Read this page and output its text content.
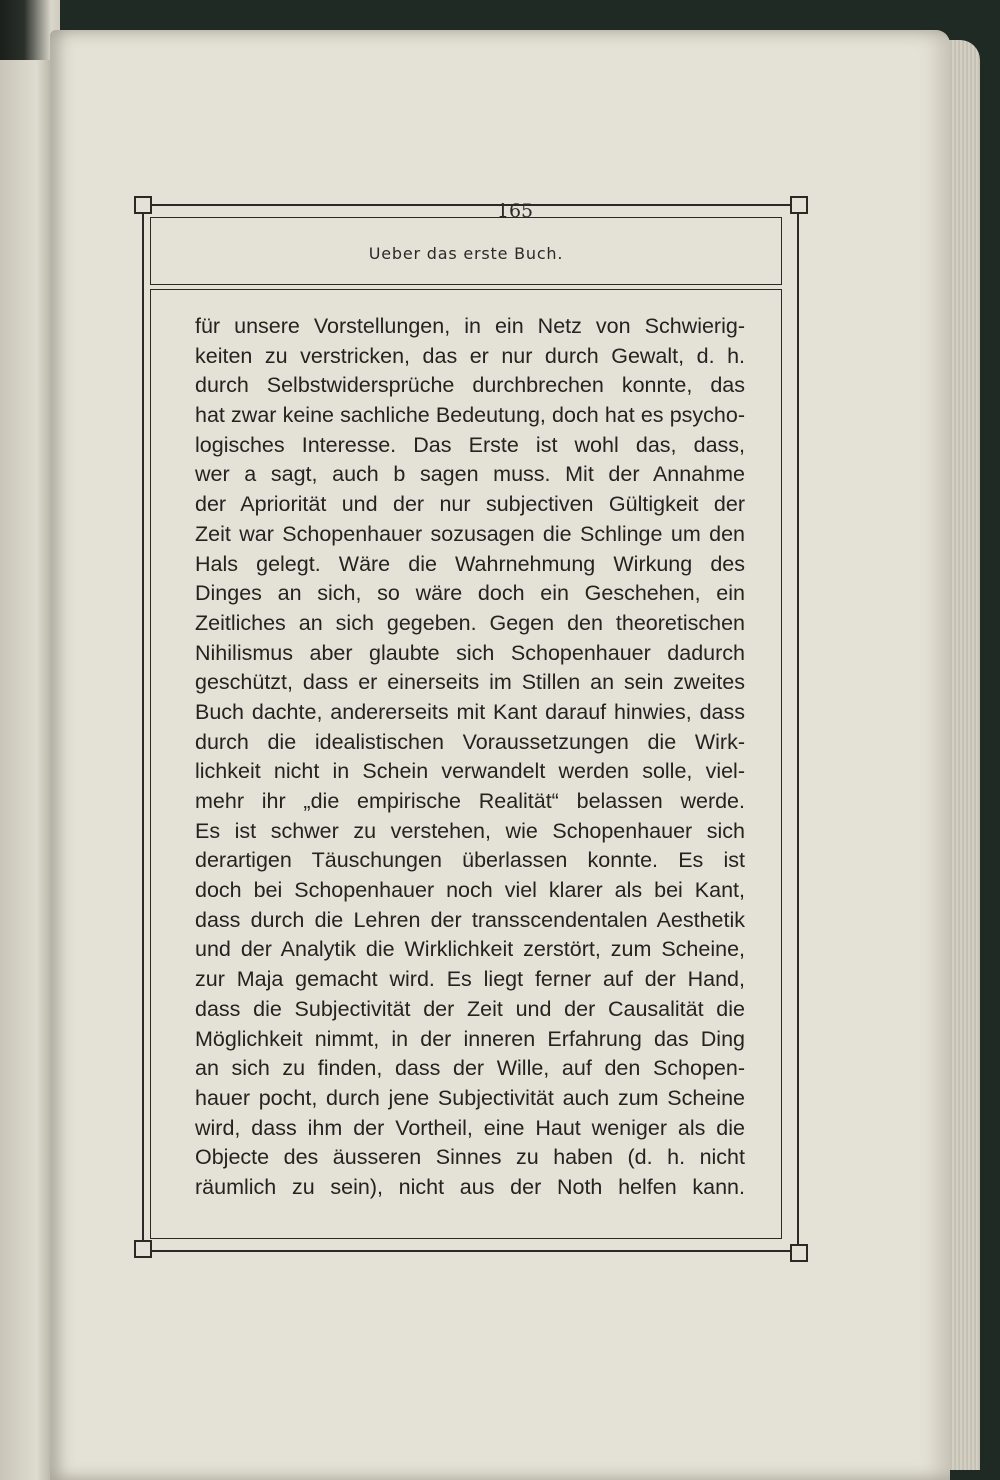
165
Ueber das erste Buch.
für unsere Vorstellungen, in ein Netz von Schwierig-
keiten zu verstricken, das er nur durch Gewalt, d. h.
durch Selbstwidersprüche durchbrechen konnte, das
hat zwar keine sachliche Bedeutung, doch hat es psycho-
logisches Interesse. Das Erste ist wohl das, dass,
wer a sagt, auch b sagen muss. Mit der Annahme
der Apriorität und der nur subjectiven Gültigkeit der
Zeit war Schopenhauer sozusagen die Schlinge um den
Hals gelegt. Wäre die Wahrnehmung Wirkung des
Dinges an sich, so wäre doch ein Geschehen, ein
Zeitliches an sich gegeben. Gegen den theoretischen
Nihilismus aber glaubte sich Schopenhauer dadurch
geschützt, dass er einerseits im Stillen an sein zweites
Buch dachte, andererseits mit Kant darauf hinwies, dass
durch die idealistischen Voraussetzungen die Wirk-
lichkeit nicht in Schein verwandelt werden solle, viel-
mehr ihr „die empirische Realität“ belassen werde.
Es ist schwer zu verstehen, wie Schopenhauer sich
derartigen Täuschungen überlassen konnte. Es ist
doch bei Schopenhauer noch viel klarer als bei Kant,
dass durch die Lehren der transscendentalen Aesthetik
und der Analytik die Wirklichkeit zerstört, zum Scheine,
zur Maja gemacht wird. Es liegt ferner auf der Hand,
dass die Subjectivität der Zeit und der Causalität die
Möglichkeit nimmt, in der inneren Erfahrung das Ding
an sich zu finden, dass der Wille, auf den Schopen-
hauer pocht, durch jene Subjectivität auch zum Scheine
wird, dass ihm der Vortheil, eine Haut weniger als die
Objecte des äusseren Sinnes zu haben (d. h. nicht
räumlich zu sein), nicht aus der Noth helfen kann.
